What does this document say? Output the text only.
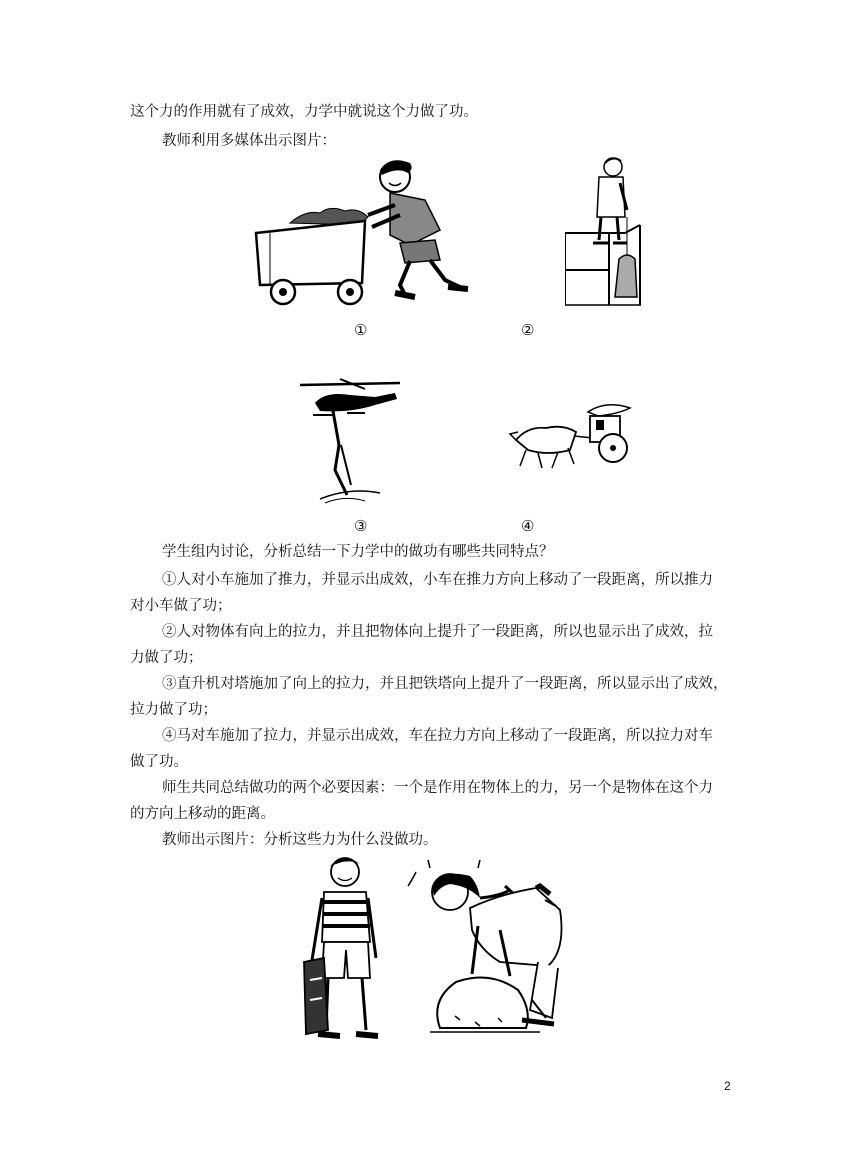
这个力的作用就有了成效，力学中就说这个力做了功。
教师利用多媒体出示图片：
①	②
③	④
学生组内讨论，分析总结一下力学中的做功有哪些共同特点？
①人对小车施加了推力，并显示出成效，小车在推力方向上移动了一段距离，所以推力
对小车做了功；
②人对物体有向上的拉力，并且把物体向上提升了一段距离，所以也显示出了成效，拉
力做了功；
③直升机对塔施加了向上的拉力，并且把铁塔向上提升了一段距离，所以显示出了成效，
拉力做了功；
④马对车施加了拉力，并显示出成效，车在拉力方向上移动了一段距离，所以拉力对车
做了功。
师生共同总结做功的两个必要因素：一个是作用在物体上的力，另一个是物体在这个力
的方向上移动的距离。
教师出示图片：分析这些力为什么没做功。
2
